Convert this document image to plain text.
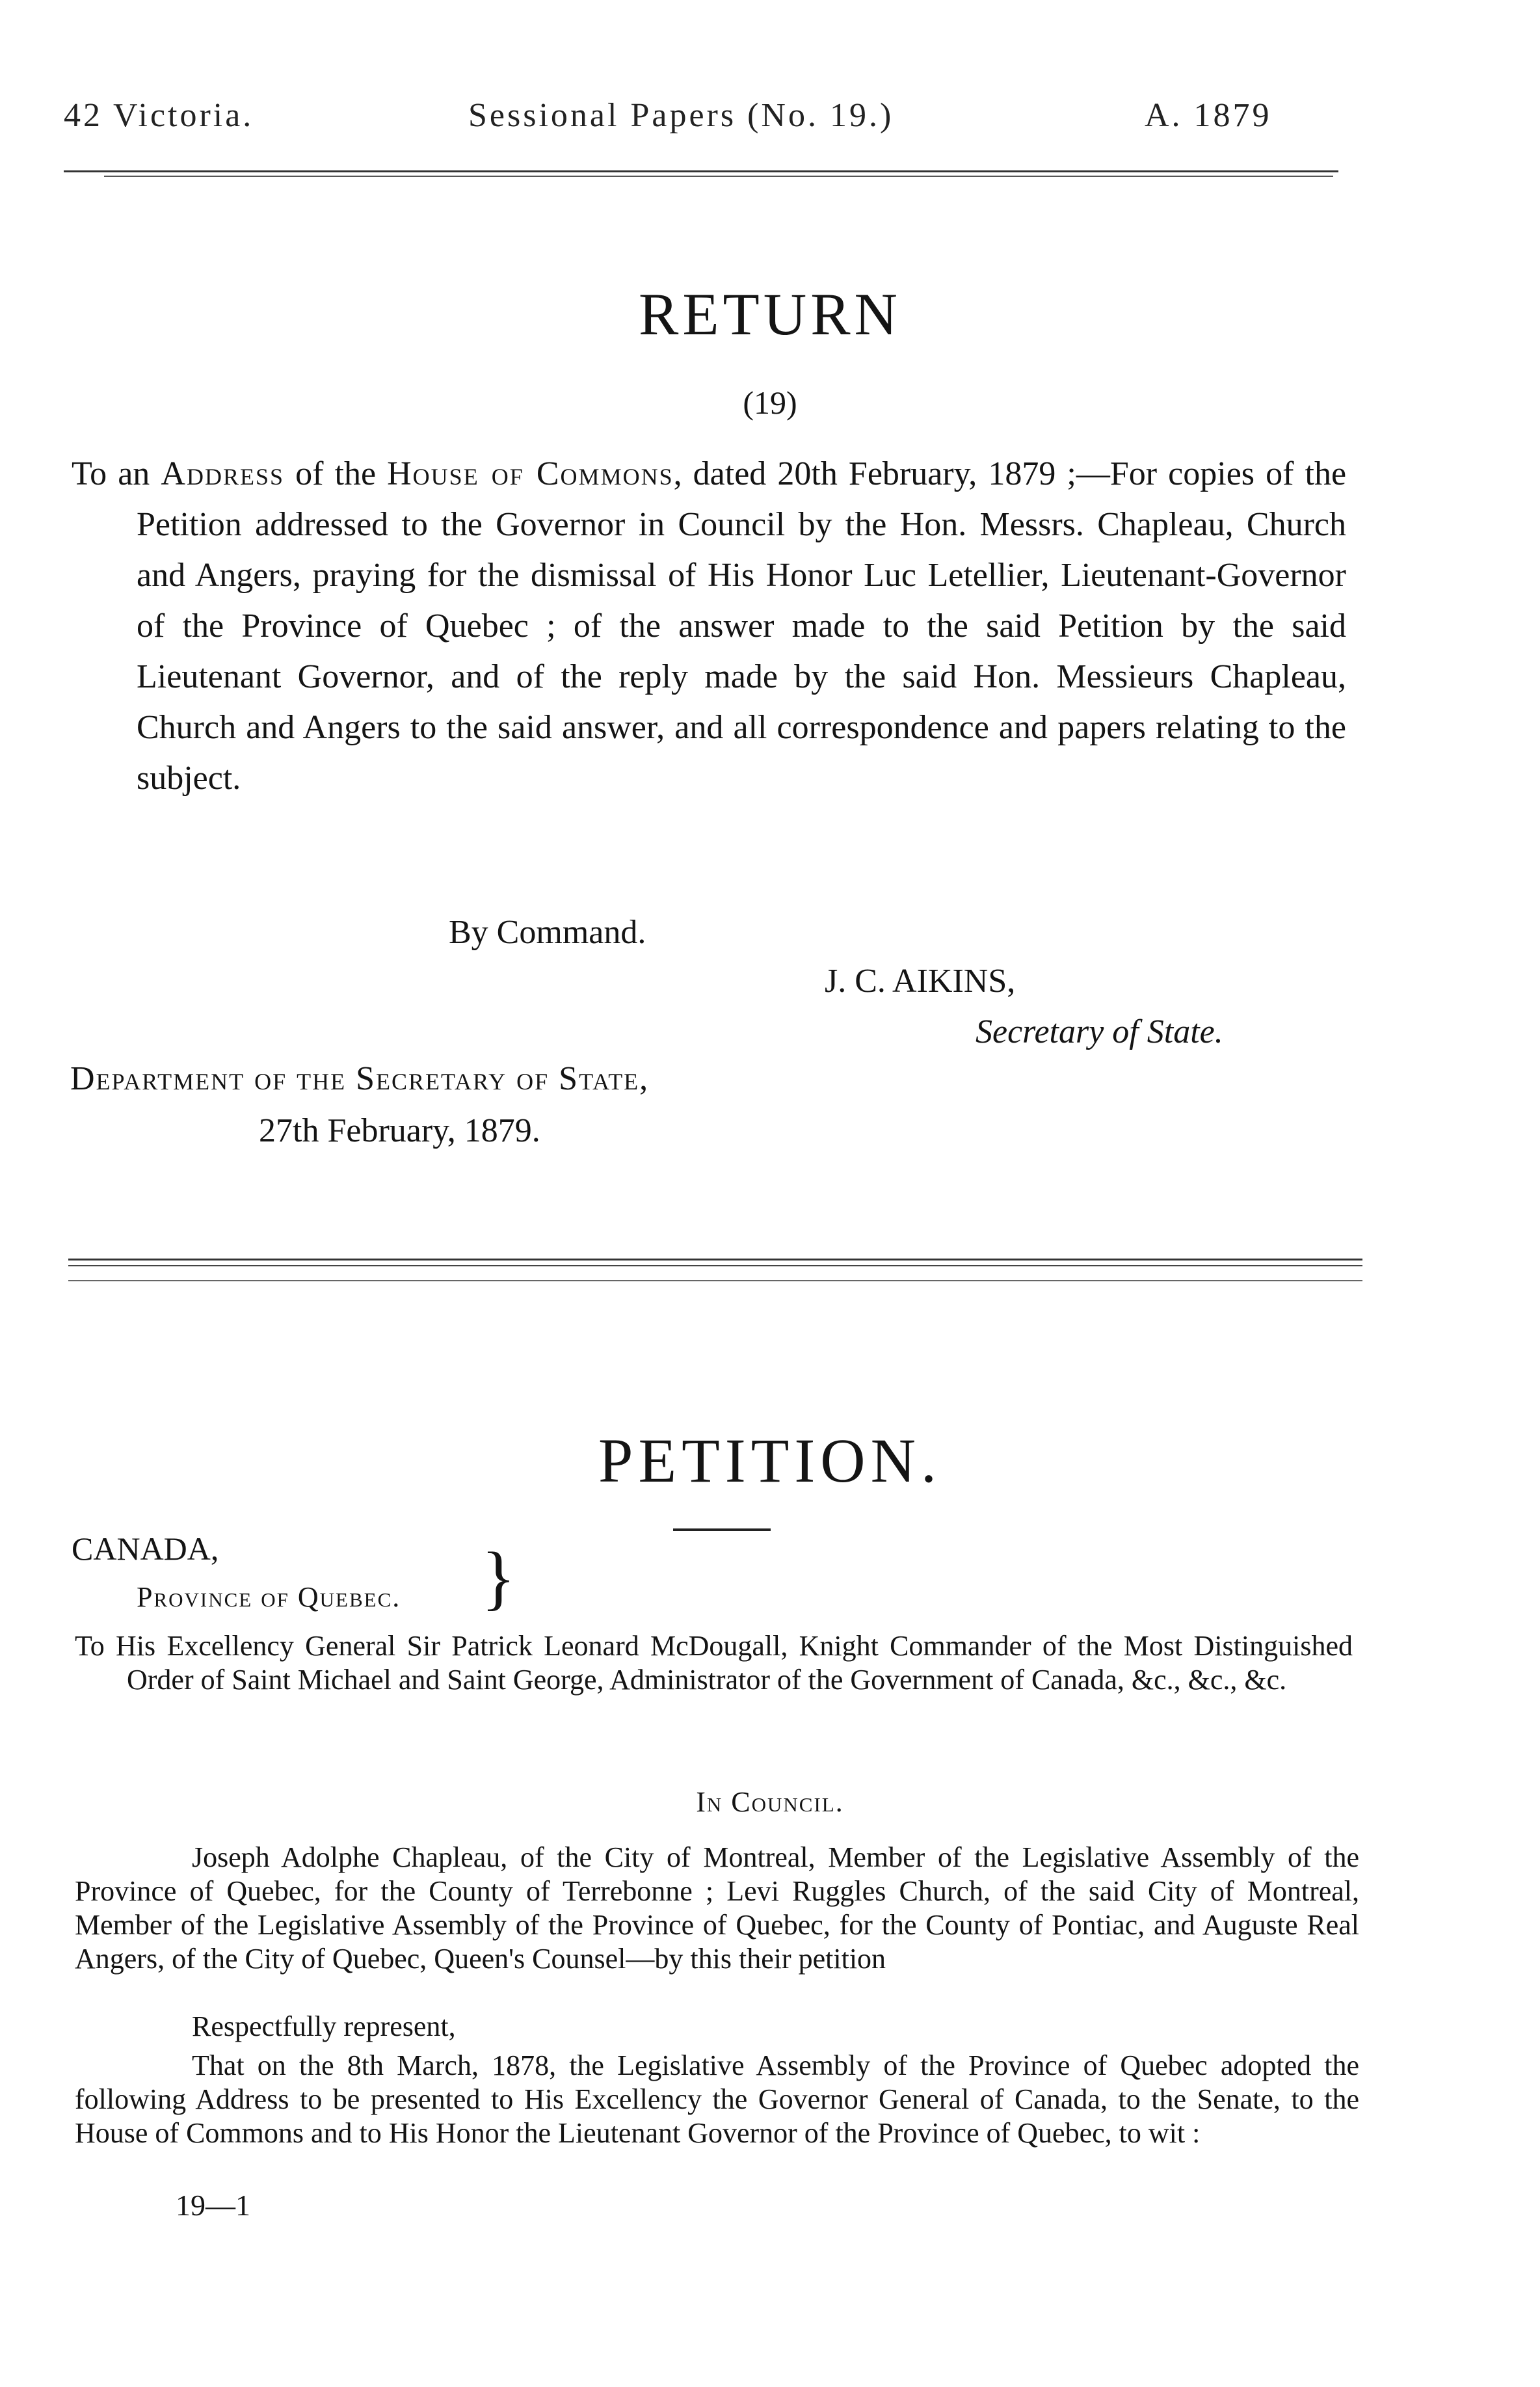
42 Victoria.	Sessional Papers (No. 19.)	A. 1879
RETURN
(19)
To an Address of the House of Commons, dated 20th February, 1879 ;—For copies of the Petition addressed to the Governor in Council by the Hon. Messrs. Chapleau, Church and Angers, praying for the dismissal of His Honor Luc Letellier, Lieutenant-Governor of the Province of Quebec ; of the answer made to the said Petition by the said Lieutenant Governor, and of the reply made by the said Hon. Messieurs Chapleau, Church and Angers to the said answer, and all correspondence and papers relating to the subject.
By Command.
J. C. AIKINS,
Secretary of State.
Department of the Secretary of State,
27th February, 1879.
PETITION.
CANADA,
Province of Quebec. }
To His Excellency General Sir Patrick Leonard McDougall, Knight Commander of the Most Distinguished Order of Saint Michael and Saint George, Administrator of the Government of Canada, &c., &c., &c.
In Council.
Joseph Adolphe Chapleau, of the City of Montreal, Member of the Legislative Assembly of the Province of Quebec, for the County of Terrebonne ; Levi Ruggles Church, of the said City of Montreal, Member of the Legislative Assembly of the Province of Quebec, for the County of Pontiac, and Auguste Real Angers, of the City of Quebec, Queen's Counsel—by this their petition
Respectfully represent,
That on the 8th March, 1878, the Legislative Assembly of the Province of Quebec adopted the following Address to be presented to His Excellency the Governor General of Canada, to the Senate, to the House of Commons and to His Honor the Lieutenant Governor of the Province of Quebec, to wit :
19—1
